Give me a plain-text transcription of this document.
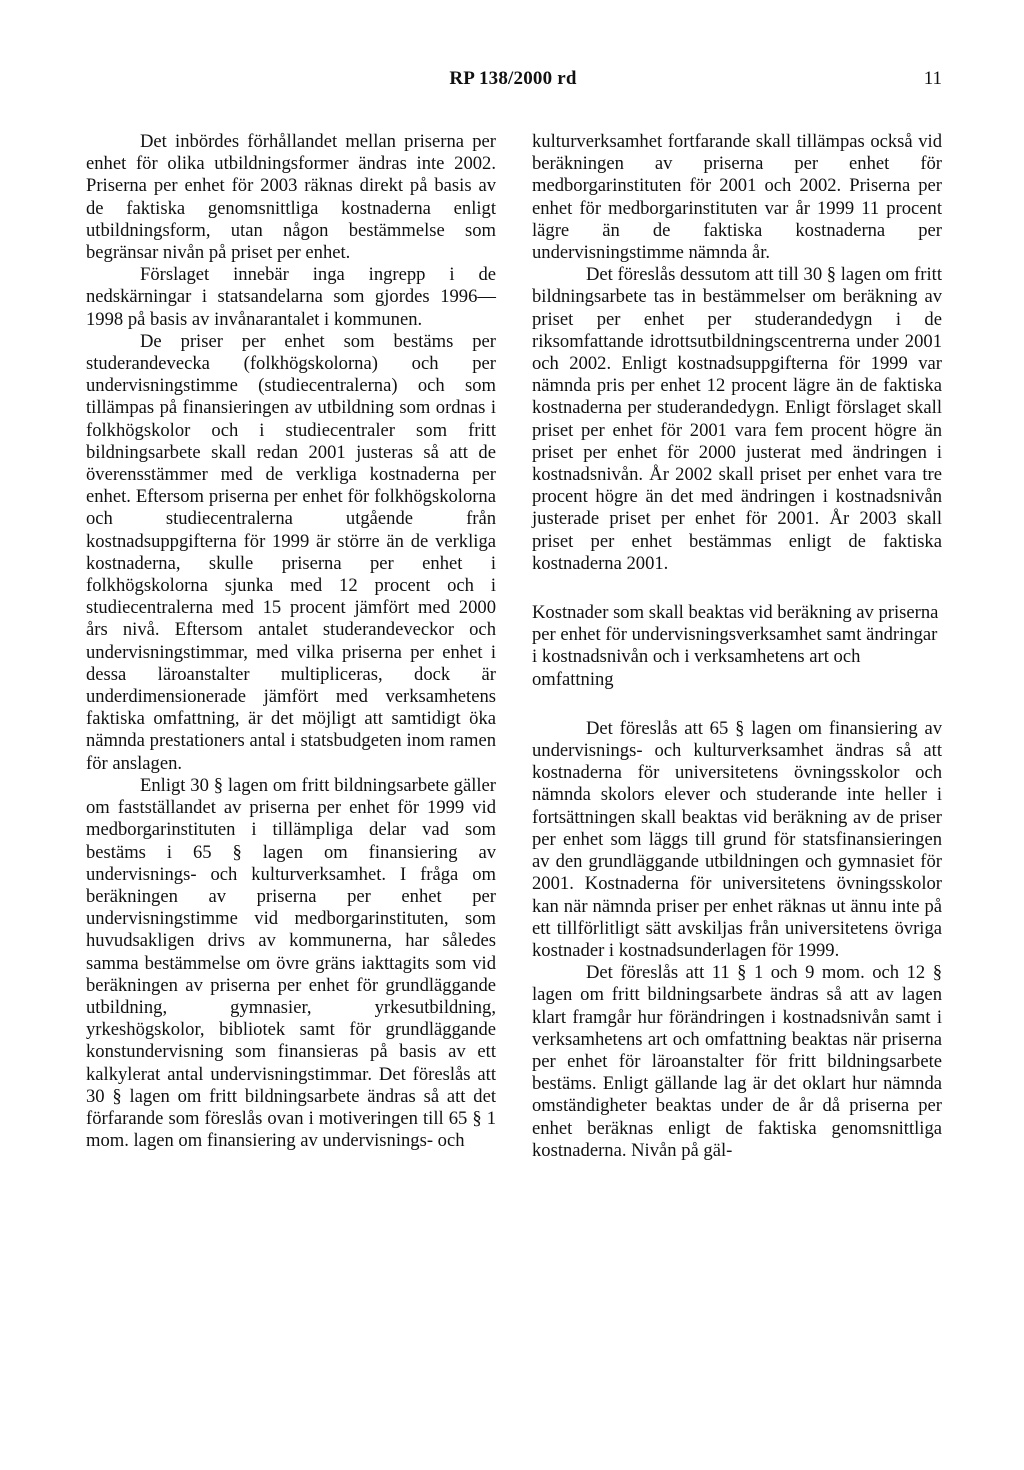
RP 138/2000 rd	11

Det inbördes förhållandet mellan priserna per enhet för olika utbildningsformer ändras inte 2002. Priserna per enhet för 2003 räknas direkt på basis av de faktiska genomsnittliga kostnaderna enligt utbildningsform, utan någon bestämmelse som begränsar nivån på priset per enhet.

Förslaget innebär inga ingrepp i de nedskärningar i statsandelarna som gjordes 1996—1998 på basis av invånarantalet i kommunen.

De priser per enhet som bestäms per studerandevecka (folkhögskolorna) och per undervisningstimme (studiecentralerna) och som tillämpas på finansieringen av utbildning som ordnas i folkhögskolor och i studiecentraler som fritt bildningsarbete skall redan 2001 justeras så att de överensstämmer med de verkliga kostnaderna per enhet. Eftersom priserna per enhet för folkhögskolorna och studiecentralerna utgående från kostnadsuppgifterna för 1999 är större än de verkliga kostnaderna, skulle priserna per enhet i folkhögskolorna sjunka med 12 procent och i studiecentralerna med 15 procent jämfört med 2000 års nivå. Eftersom antalet studerandeveckor och undervisningstimmar, med vilka priserna per enhet i dessa läroanstalter multipliceras, dock är underdimensionerade jämfört med verksamhetens faktiska omfattning, är det möjligt att samtidigt öka nämnda prestationers antal i statsbudgeten inom ramen för anslagen.

Enligt 30 § lagen om fritt bildningsarbete gäller om fastställandet av priserna per enhet för 1999 vid medborgarinstituten i tillämpliga delar vad som bestäms i 65 § lagen om finansiering av undervisnings- och kulturverksamhet. I fråga om beräkningen av priserna per enhet per undervisningstimme vid medborgarinstituten, som huvudsakligen drivs av kommunerna, har således samma bestämmelse om övre gräns iakttagits som vid beräkningen av priserna per enhet för grundläggande utbildning, gymnasier, yrkesutbildning, yrkeshögskolor, bibliotek samt för grundläggande konstundervisning som finansieras på basis av ett kalkylerat antal undervisningstimmar. Det föreslås att 30 § lagen om fritt bildningsarbete ändras så att det förfarande som föreslås ovan i motiveringen till 65 § 1 mom. lagen om finansiering av undervisnings- och

kulturverksamhet fortfarande skall tillämpas också vid beräkningen av priserna per enhet för medborgarinstituten för 2001 och 2002. Priserna per enhet för medborgarinstituten var år 1999 11 procent lägre än de faktiska kostnaderna per undervisningstimme nämnda år.

Det föreslås dessutom att till 30 § lagen om fritt bildningsarbete tas in bestämmelser om beräkning av priset per enhet per studerandedygn i de riksomfattande idrottsutbildningscentrerna under 2001 och 2002. Enligt kostnadsuppgifterna för 1999 var nämnda pris per enhet 12 procent lägre än de faktiska kostnaderna per studerandedygn. Enligt förslaget skall priset per enhet för 2001 vara fem procent högre än priset per enhet för 2000 justerat med ändringen i kostnadsnivån. År 2002 skall priset per enhet vara tre procent högre än det med ändringen i kostnadsnivån justerade priset per enhet för 2001. År 2003 skall priset per enhet bestämmas enligt de faktiska kostnaderna 2001.

Kostnader som skall beaktas vid beräkning av priserna per enhet för undervisningsverksamhet samt ändringar i kostnadsnivån och i verksamhetens art och omfattning

Det föreslås att 65 § lagen om finansiering av undervisnings- och kulturverksamhet ändras så att kostnaderna för universitetens övningsskolor och nämnda skolors elever och studerande inte heller i fortsättningen skall beaktas vid beräkning av de priser per enhet som läggs till grund för statsfinansieringen av den grundläggande utbildningen och gymnasiet för 2001. Kostnaderna för universitetens övningsskolor kan när nämnda priser per enhet räknas ut ännu inte på ett tillförlitligt sätt avskiljas från universitetens övriga kostnader i kostnadsunderlagen för 1999.

Det föreslås att 11 § 1 och 9 mom. och 12 § lagen om fritt bildningsarbete ändras så att av lagen klart framgår hur förändringen i kostnadsnivån samt i verksamhetens art och omfattning beaktas när priserna per enhet för läroanstalter för fritt bildningsarbete bestäms. Enligt gällande lag är det oklart hur nämnda omständigheter beaktas under de år då priserna per enhet beräknas enligt de faktiska genomsnittliga kostnaderna. Nivån på gäl-
